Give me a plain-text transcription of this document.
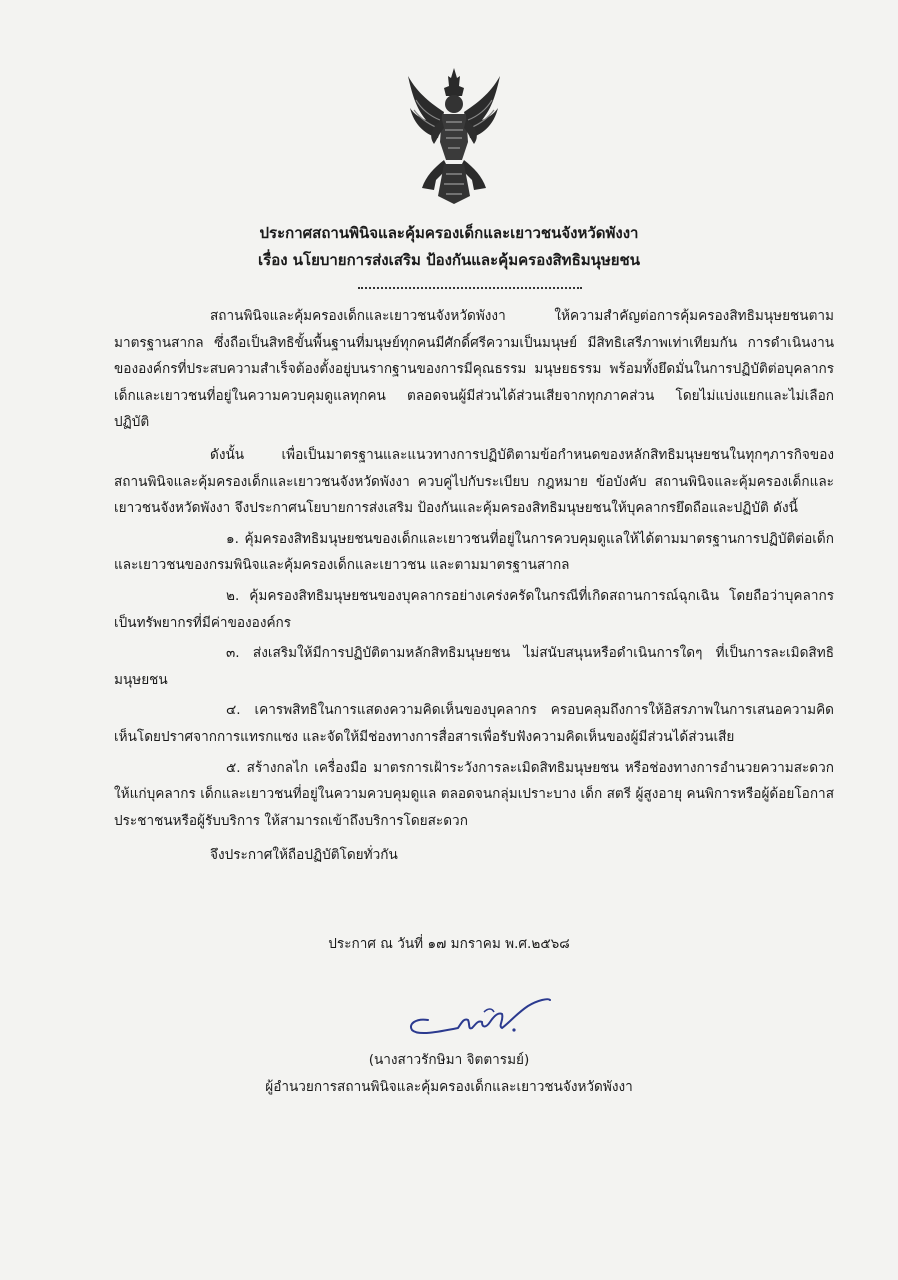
ประกาศสถานพินิจและคุ้มครองเด็กและเยาวชนจังหวัดพังงา
เรื่อง นโยบายการส่งเสริม ป้องกันและคุ้มครองสิทธิมนุษยชน

สถานพินิจและคุ้มครองเด็กและเยาวชนจังหวัดพังงา ให้ความสำคัญต่อการคุ้มครองสิทธิมนุษยชนตามมาตรฐานสากล ซึ่งถือเป็นสิทธิขั้นพื้นฐานที่มนุษย์ทุกคนมีศักดิ์ศรีความเป็นมนุษย์ มีสิทธิเสรีภาพเท่าเทียมกัน การดำเนินงานขององค์กรที่ประสบความสำเร็จต้องตั้งอยู่บนรากฐานของการมีคุณธรรม มนุษยธรรม พร้อมทั้งยึดมั่นในการปฏิบัติต่อบุคลากร เด็กและเยาวชนที่อยู่ในความควบคุมดูแลทุกคน ตลอดจนผู้มีส่วนได้ส่วนเสียจากทุกภาคส่วน โดยไม่แบ่งแยกและไม่เลือกปฏิบัติ

ดังนั้น เพื่อเป็นมาตรฐานและแนวทางการปฏิบัติตามข้อกำหนดของหลักสิทธิมนุษยชนในทุกๆภารกิจของสถานพินิจและคุ้มครองเด็กและเยาวชนจังหวัดพังงา ควบคู่ไปกับระเบียบ กฎหมาย ข้อบังคับ สถานพินิจและคุ้มครองเด็กและเยาวชนจังหวัดพังงา จึงประกาศนโยบายการส่งเสริม ป้องกันและคุ้มครองสิทธิมนุษยชนให้บุคลากรยึดถือและปฏิบัติ ดังนี้

๑. คุ้มครองสิทธิมนุษยชนของเด็กและเยาวชนที่อยู่ในการควบคุมดูแลให้ได้ตามมาตรฐานการปฏิบัติต่อเด็กและเยาวชนของกรมพินิจและคุ้มครองเด็กและเยาวชน และตามมาตรฐานสากล

๒. คุ้มครองสิทธิมนุษยชนของบุคลากรอย่างเคร่งครัดในกรณีที่เกิดสถานการณ์ฉุกเฉิน โดยถือว่าบุคลากรเป็นทรัพยากรที่มีค่าขององค์กร

๓. ส่งเสริมให้มีการปฏิบัติตามหลักสิทธิมนุษยชน ไม่สนับสนุนหรือดำเนินการใดๆ ที่เป็นการละเมิดสิทธิมนุษยชน

๔. เคารพสิทธิในการแสดงความคิดเห็นของบุคลากร ครอบคลุมถึงการให้อิสรภาพในการเสนอความคิดเห็นโดยปราศจากการแทรกแซง และจัดให้มีช่องทางการสื่อสารเพื่อรับฟังความคิดเห็นของผู้มีส่วนได้ส่วนเสีย

๕. สร้างกลไก เครื่องมือ มาตรการเฝ้าระวังการละเมิดสิทธิมนุษยชน หรือช่องทางการอำนวยความสะดวกให้แก่บุคลากร เด็กและเยาวชนที่อยู่ในความควบคุมดูแล ตลอดจนกลุ่มเปราะบาง เด็ก สตรี ผู้สูงอายุ คนพิการหรือผู้ด้อยโอกาส ประชาชนหรือผู้รับบริการ ให้สามารถเข้าถึงบริการโดยสะดวก

จึงประกาศให้ถือปฏิบัติโดยทั่วกัน

ประกาศ ณ วันที่ ๑๗ มกราคม พ.ศ.๒๕๖๘
(นางสาวรักษิมา จิตตารมย์)
ผู้อำนวยการสถานพินิจและคุ้มครองเด็กและเยาวชนจังหวัดพังงา
